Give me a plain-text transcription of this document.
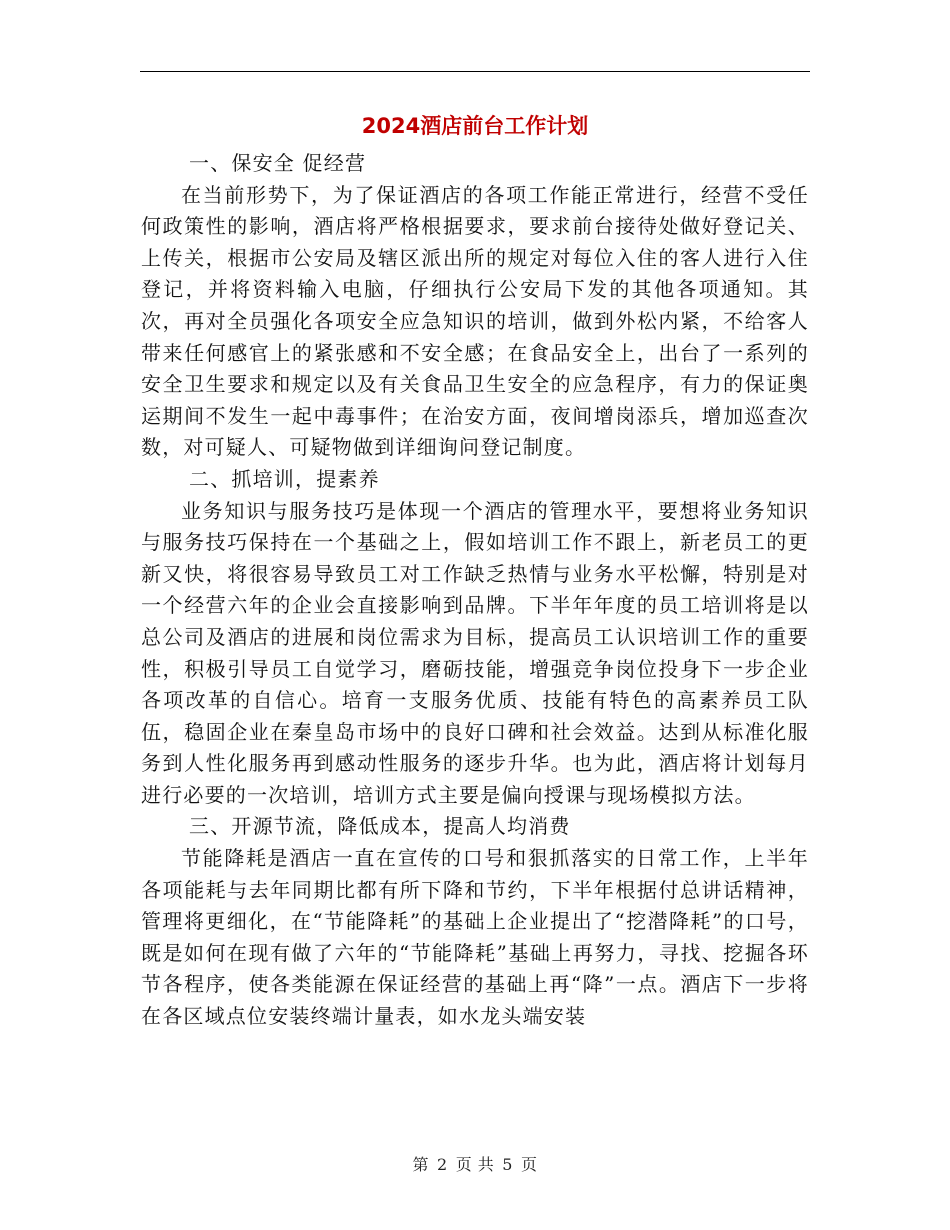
2024酒店前台工作计划

一、保安全 促经营

在当前形势下，为了保证酒店的各项工作能正常进行，经营不受任何政策性的影响，酒店将严格根据要求，要求前台接待处做好登记关、上传关，根据市公安局及辖区派出所的规定对每位入住的客人进行入住登记，并将资料输入电脑，仔细执行公安局下发的其他各项通知。其次，再对全员强化各项安全应急知识的培训，做到外松内紧，不给客人带来任何感官上的紧张感和不安全感；在食品安全上，出台了一系列的安全卫生要求和规定以及有关食品卫生安全的应急程序，有力的保证奥运期间不发生一起中毒事件；在治安方面，夜间增岗添兵，增加巡查次数，对可疑人、可疑物做到详细询问登记制度。

二、抓培训，提素养

业务知识与服务技巧是体现一个酒店的管理水平，要想将业务知识与服务技巧保持在一个基础之上，假如培训工作不跟上，新老员工的更新又快，将很容易导致员工对工作缺乏热情与业务水平松懈，特别是对一个经营六年的企业会直接影响到品牌。下半年年度的员工培训将是以总公司及酒店的进展和岗位需求为目标，提高员工认识培训工作的重要性，积极引导员工自觉学习，磨砺技能，增强竞争岗位投身下一步企业各项改革的自信心。培育一支服务优质、技能有特色的高素养员工队伍，稳固企业在秦皇岛市场中的良好口碑和社会效益。达到从标准化服务到人性化服务再到感动性服务的逐步升华。也为此，酒店将计划每月进行必要的一次培训，培训方式主要是偏向授课与现场模拟方法。

三、开源节流，降低成本，提高人均消费

节能降耗是酒店一直在宣传的口号和狠抓落实的日常工作，上半年各项能耗与去年同期比都有所下降和节约，下半年根据付总讲话精神，管理将更细化，在“节能降耗”的基础上企业提出了“挖潜降耗”的口号，既是如何在现有做了六年的“节能降耗”基础上再努力，寻找、挖掘各环节各程序，使各类能源在保证经营的基础上再“降”一点。酒店下一步将在各区域点位安装终端计量表，如水龙头端安装

第 2 页 共 5 页
